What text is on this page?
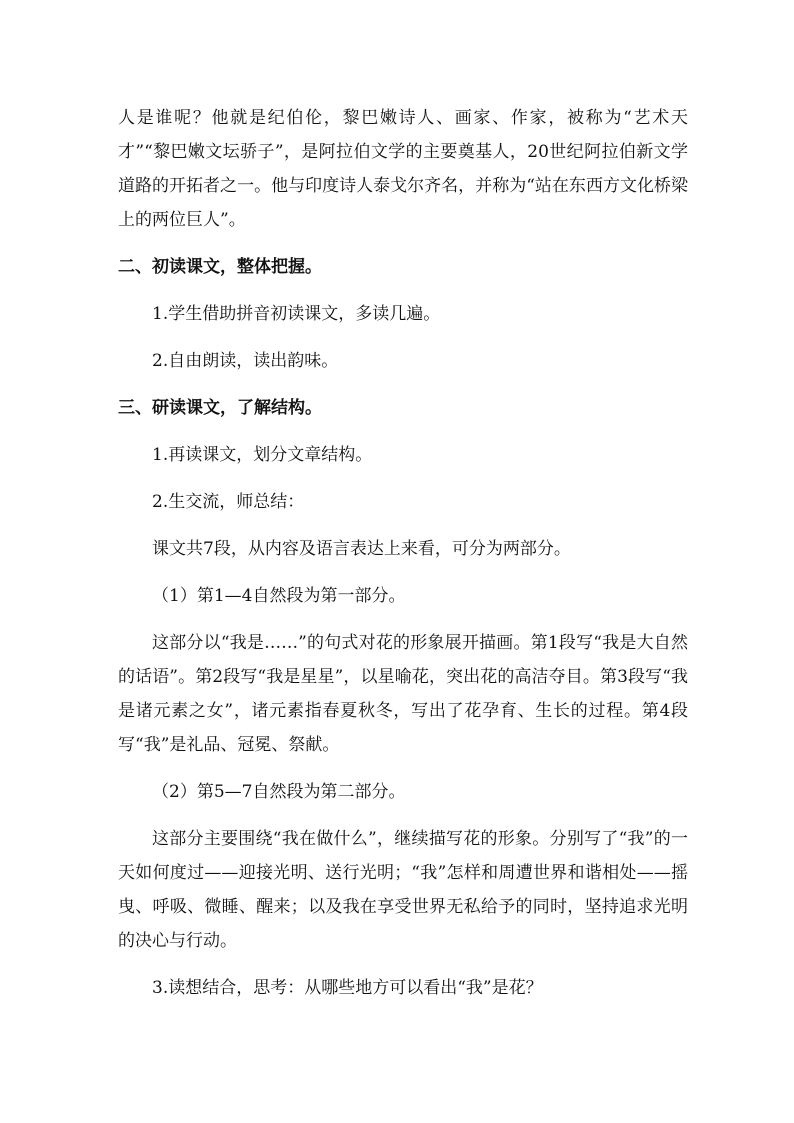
人是谁呢？他就是纪伯伦，黎巴嫩诗人、画家、作家，被称为“艺术天才”“黎巴嫩文坛骄子”，是阿拉伯文学的主要奠基人，20世纪阿拉伯新文学道路的开拓者之一。他与印度诗人泰戈尔齐名，并称为“站在东西方文化桥梁上的两位巨人”。

二、初读课文，整体把握。

1.学生借助拼音初读课文，多读几遍。

2.自由朗读，读出韵味。

三、研读课文，了解结构。

1.再读课文，划分文章结构。

2.生交流，师总结：

课文共7段，从内容及语言表达上来看，可分为两部分。

（1）第1—4自然段为第一部分。

这部分以“我是……”的句式对花的形象展开描画。第1段写“我是大自然的话语”。第2段写“我是星星”，以星喻花，突出花的高洁夺目。第3段写“我是诸元素之女”，诸元素指春夏秋冬，写出了花孕育、生长的过程。第4段写“我”是礼品、冠冕、祭献。

（2）第5—7自然段为第二部分。

这部分主要围绕“我在做什么”，继续描写花的形象。分别写了“我”的一天如何度过——迎接光明、送行光明；“我”怎样和周遭世界和谐相处——摇曳、呼吸、微睡、醒来；以及我在享受世界无私给予的同时，坚持追求光明的决心与行动。

3.读想结合，思考：从哪些地方可以看出“我”是花？
